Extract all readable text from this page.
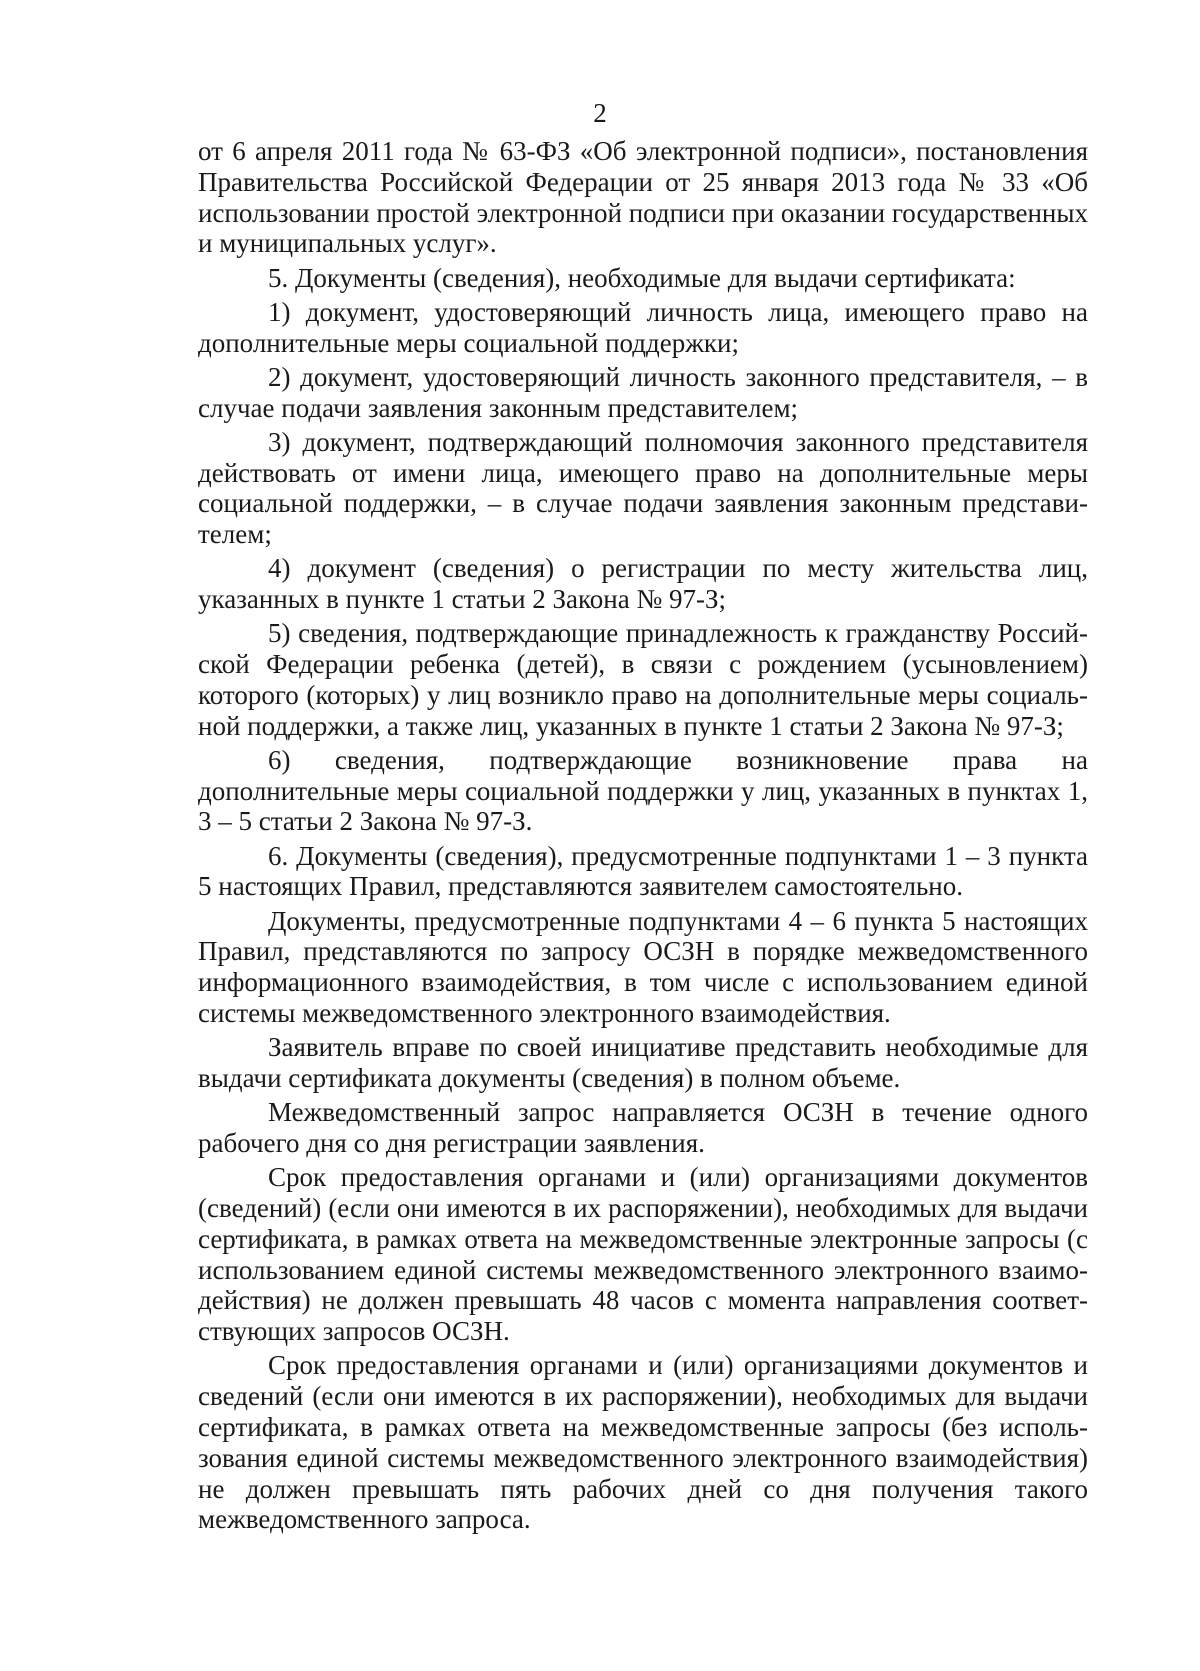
2

от 6 апреля 2011 года № 63-ФЗ «Об электронной подписи», постановления Правительства Российской Федерации от 25 января 2013 года № 33 «Об использовании простой электронной подписи при оказании государственных и муниципальных услуг».

5. Документы (сведения), необходимые для выдачи сертификата:

1) документ, удостоверяющий личность лица, имеющего право на дополнительные меры социальной поддержки;

2) документ, удостоверяющий личность законного представителя, – в случае подачи заявления законным представителем;

3) документ, подтверждающий полномочия законного представителя действовать от имени лица, имеющего право на дополнительные меры социальной поддержки, – в случае подачи заявления законным представителем;

4) документ (сведения) о регистрации по месту жительства лиц, указанных в пункте 1 статьи 2 Закона № 97-З;

5) сведения, подтверждающие принадлежность к гражданству Российской Федерации ребенка (детей), в связи с рождением (усыновлением) которого (которых) у лиц возникло право на дополнительные меры социальной поддержки, а также лиц, указанных в пункте 1 статьи 2 Закона № 97-З;

6) сведения, подтверждающие возникновение права на дополнительные меры социальной поддержки у лиц, указанных в пунктах 1, 3 – 5 статьи 2 Закона № 97-З.

6. Документы (сведения), предусмотренные подпунктами 1 – 3 пункта 5 настоящих Правил, представляются заявителем самостоятельно.

Документы, предусмотренные подпунктами 4 – 6 пункта 5 настоящих Правил, представляются по запросу ОСЗН в порядке межведомственного информационного взаимодействия, в том числе с использованием единой системы межведомственного электронного взаимодействия.

Заявитель вправе по своей инициативе представить необходимые для выдачи сертификата документы (сведения) в полном объеме.

Межведомственный запрос направляется ОСЗН в течение одного рабочего дня со дня регистрации заявления.

Срок предоставления органами и (или) организациями документов (сведений) (если они имеются в их распоряжении), необходимых для выдачи сертификата, в рамках ответа на межведомственные электронные запросы (с использованием единой системы межведомственного электронного взаимодействия) не должен превышать 48 часов с момента направления соответствующих запросов ОСЗН.

Срок предоставления органами и (или) организациями документов и сведений (если они имеются в их распоряжении), необходимых для выдачи сертификата, в рамках ответа на межведомственные запросы (без использования единой системы межведомственного электронного взаимодействия) не должен превышать пять рабочих дней со дня получения такого межведомственного запроса.
